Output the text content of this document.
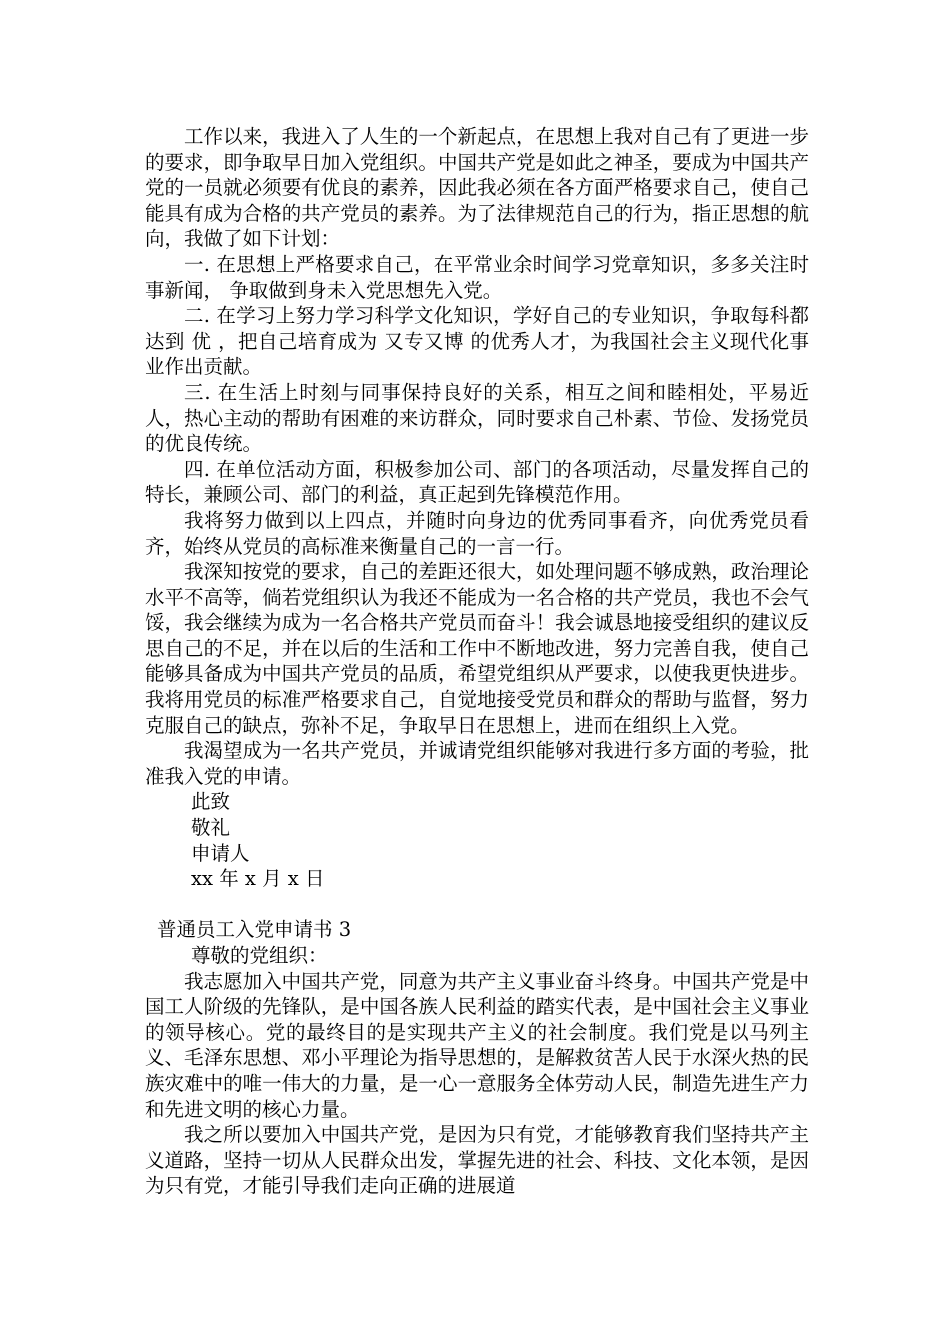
工作以来，我进入了人生的一个新起点，在思想上我对自己有了更进一步的要求，即争取早日加入党组织。中国共产党是如此之神圣，要成为中国共产党的一员就必须要有优良的素养，因此我必须在各方面严格要求自己，使自己能具有成为合格的共产党员的素养。为了法律规范自己的行为，指正思想的航向，我做了如下计划：

一. 在思想上严格要求自己，在平常业余时间学习党章知识，多多关注时事新闻， 争取做到身未入党思想先入党。

二. 在学习上努力学习科学文化知识，学好自己的专业知识，争取每科都达到 优 ，把自己培育成为 又专又博 的优秀人才，为我国社会主义现代化事业作出贡献。

三. 在生活上时刻与同事保持良好的关系，相互之间和睦相处，平易近人，热心主动的帮助有困难的来访群众，同时要求自己朴素、节俭、发扬党员的优良传统。

四. 在单位活动方面，积极参加公司、部门的各项活动，尽量发挥自己的特长，兼顾公司、部门的利益，真正起到先锋模范作用。

我将努力做到以上四点，并随时向身边的优秀同事看齐，向优秀党员看齐，始终从党员的高标准来衡量自己的一言一行。

我深知按党的要求，自己的差距还很大，如处理问题不够成熟，政治理论水平不高等，倘若党组织认为我还不能成为一名合格的共产党员，我也不会气馁，我会继续为成为一名合格共产党员而奋斗！我会诚恳地接受组织的建议反思自己的不足，并在以后的生活和工作中不断地改进，努力完善自我，使自己能够具备成为中国共产党员的品质，希望党组织从严要求，以使我更快进步。我将用党员的标准严格要求自己，自觉地接受党员和群众的帮助与监督，努力克服自己的缺点，弥补不足，争取早日在思想上，进而在组织上入党。

我渴望成为一名共产党员，并诚请党组织能够对我进行多方面的考验，批准我入党的申请。

此致
敬礼
申请人
xx 年 x 月 x 日
普通员工入党申请书 3
尊敬的党组织：

我志愿加入中国共产党，同意为共产主义事业奋斗终身。中国共产党是中国工人阶级的先锋队，是中国各族人民利益的踏实代表，是中国社会主义事业的领导核心。党的最终目的是实现共产主义的社会制度。我们党是以马列主义、毛泽东思想、邓小平理论为指导思想的，是解救贫苦人民于水深火热的民族灾难中的唯一伟大的力量，是一心一意服务全体劳动人民，制造先进生产力和先进文明的核心力量。

我之所以要加入中国共产党，是因为只有党，才能够教育我们坚持共产主义道路，坚持一切从人民群众出发，掌握先进的社会、科技、文化本领，是因为只有党，才能引导我们走向正确的进展道
